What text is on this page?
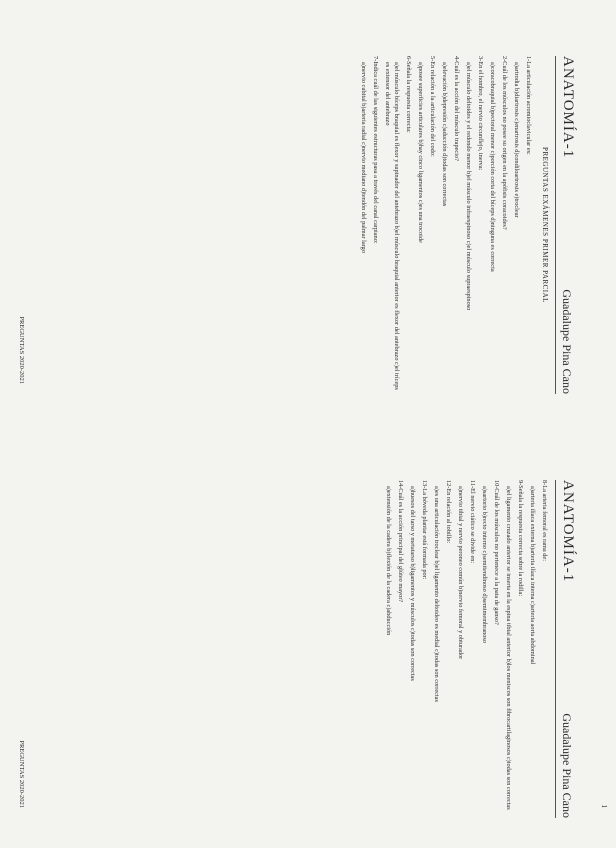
ANATOMÍA-1
Guadalupe Pina Cano
PREGUNTAS EXÁMENES PRIMER PARCIAL
1-La articulación acromioclavicular es:
a)artrodia b)diartrosis c)enartrosis d)condiloartrosis e)troclear
2-Cuál de los músculos no posee su origen en la apófisis coracoides?
a)coracobraquial b)pectoral menor c)porción corta del bíceps d)ninguna es correcta
3-En el hombro, el nervio circunflejo, inerva:
a)el músculo deltoides y el redondo menor b)el músculo infraespinoso c)el músculo supraespinoso
4-Cuál es la acción del músculo trapecio?
a)elevación b)depresión c)aducción d)todas son correctas
5-En relación a la articulación del codo:
a)posee superficies articulares b)hay cinco ligamentos c)es una trocoide
6-Señala la respuesta correcta:
a)el músculo bíceps braquial es flexor y supinador del antebrazo b)el músculo braquial anterior es flexor del antebrazo c)el tríceps es extensor del antebrazo
7-Indica cuál de las siguientes estructuras pasa a través del canal carpiano:
a)nervio cubital b)arteria radial c)nervio mediano d)tendón del palmar largo
PREGUNTAS 2020-2021
1
ANATOMÍA-1
Guadalupe Pina Cano
8-La arteria femoral es rama de:
a)arteria ilíaca externa b)arteria ilíaca interna c)arteria aorta abdominal
9-Señala la respuesta correcta sobre la rodilla:
a)el ligamento cruzado anterior se inserta en la espina tibial anterior b)los meniscos son fibrocartilaginosos c)todas son correctas
10-Cuál de los músculos no pertenece a la pata de ganso?
a)sartorio b)recto interno c)semitendinoso d)semimembranoso
11-El nervio ciático se divide en:
a)nervio tibial y nervio peroneo común b)nervio femoral y obturador
12-En relación al tobillo:
a)es una articulación troclear b)el ligamento deltoideo es medial c)todas son correctas
13-La bóveda plantar está formada por:
a)huesos del tarso y metatarso b)ligamentos y músculos c)todas son correctas
14-Cuál es la acción principal del glúteo mayor?
a)extensión de la cadera b)flexión de la cadera c)abducción
PREGUNTAS 2020-2021
